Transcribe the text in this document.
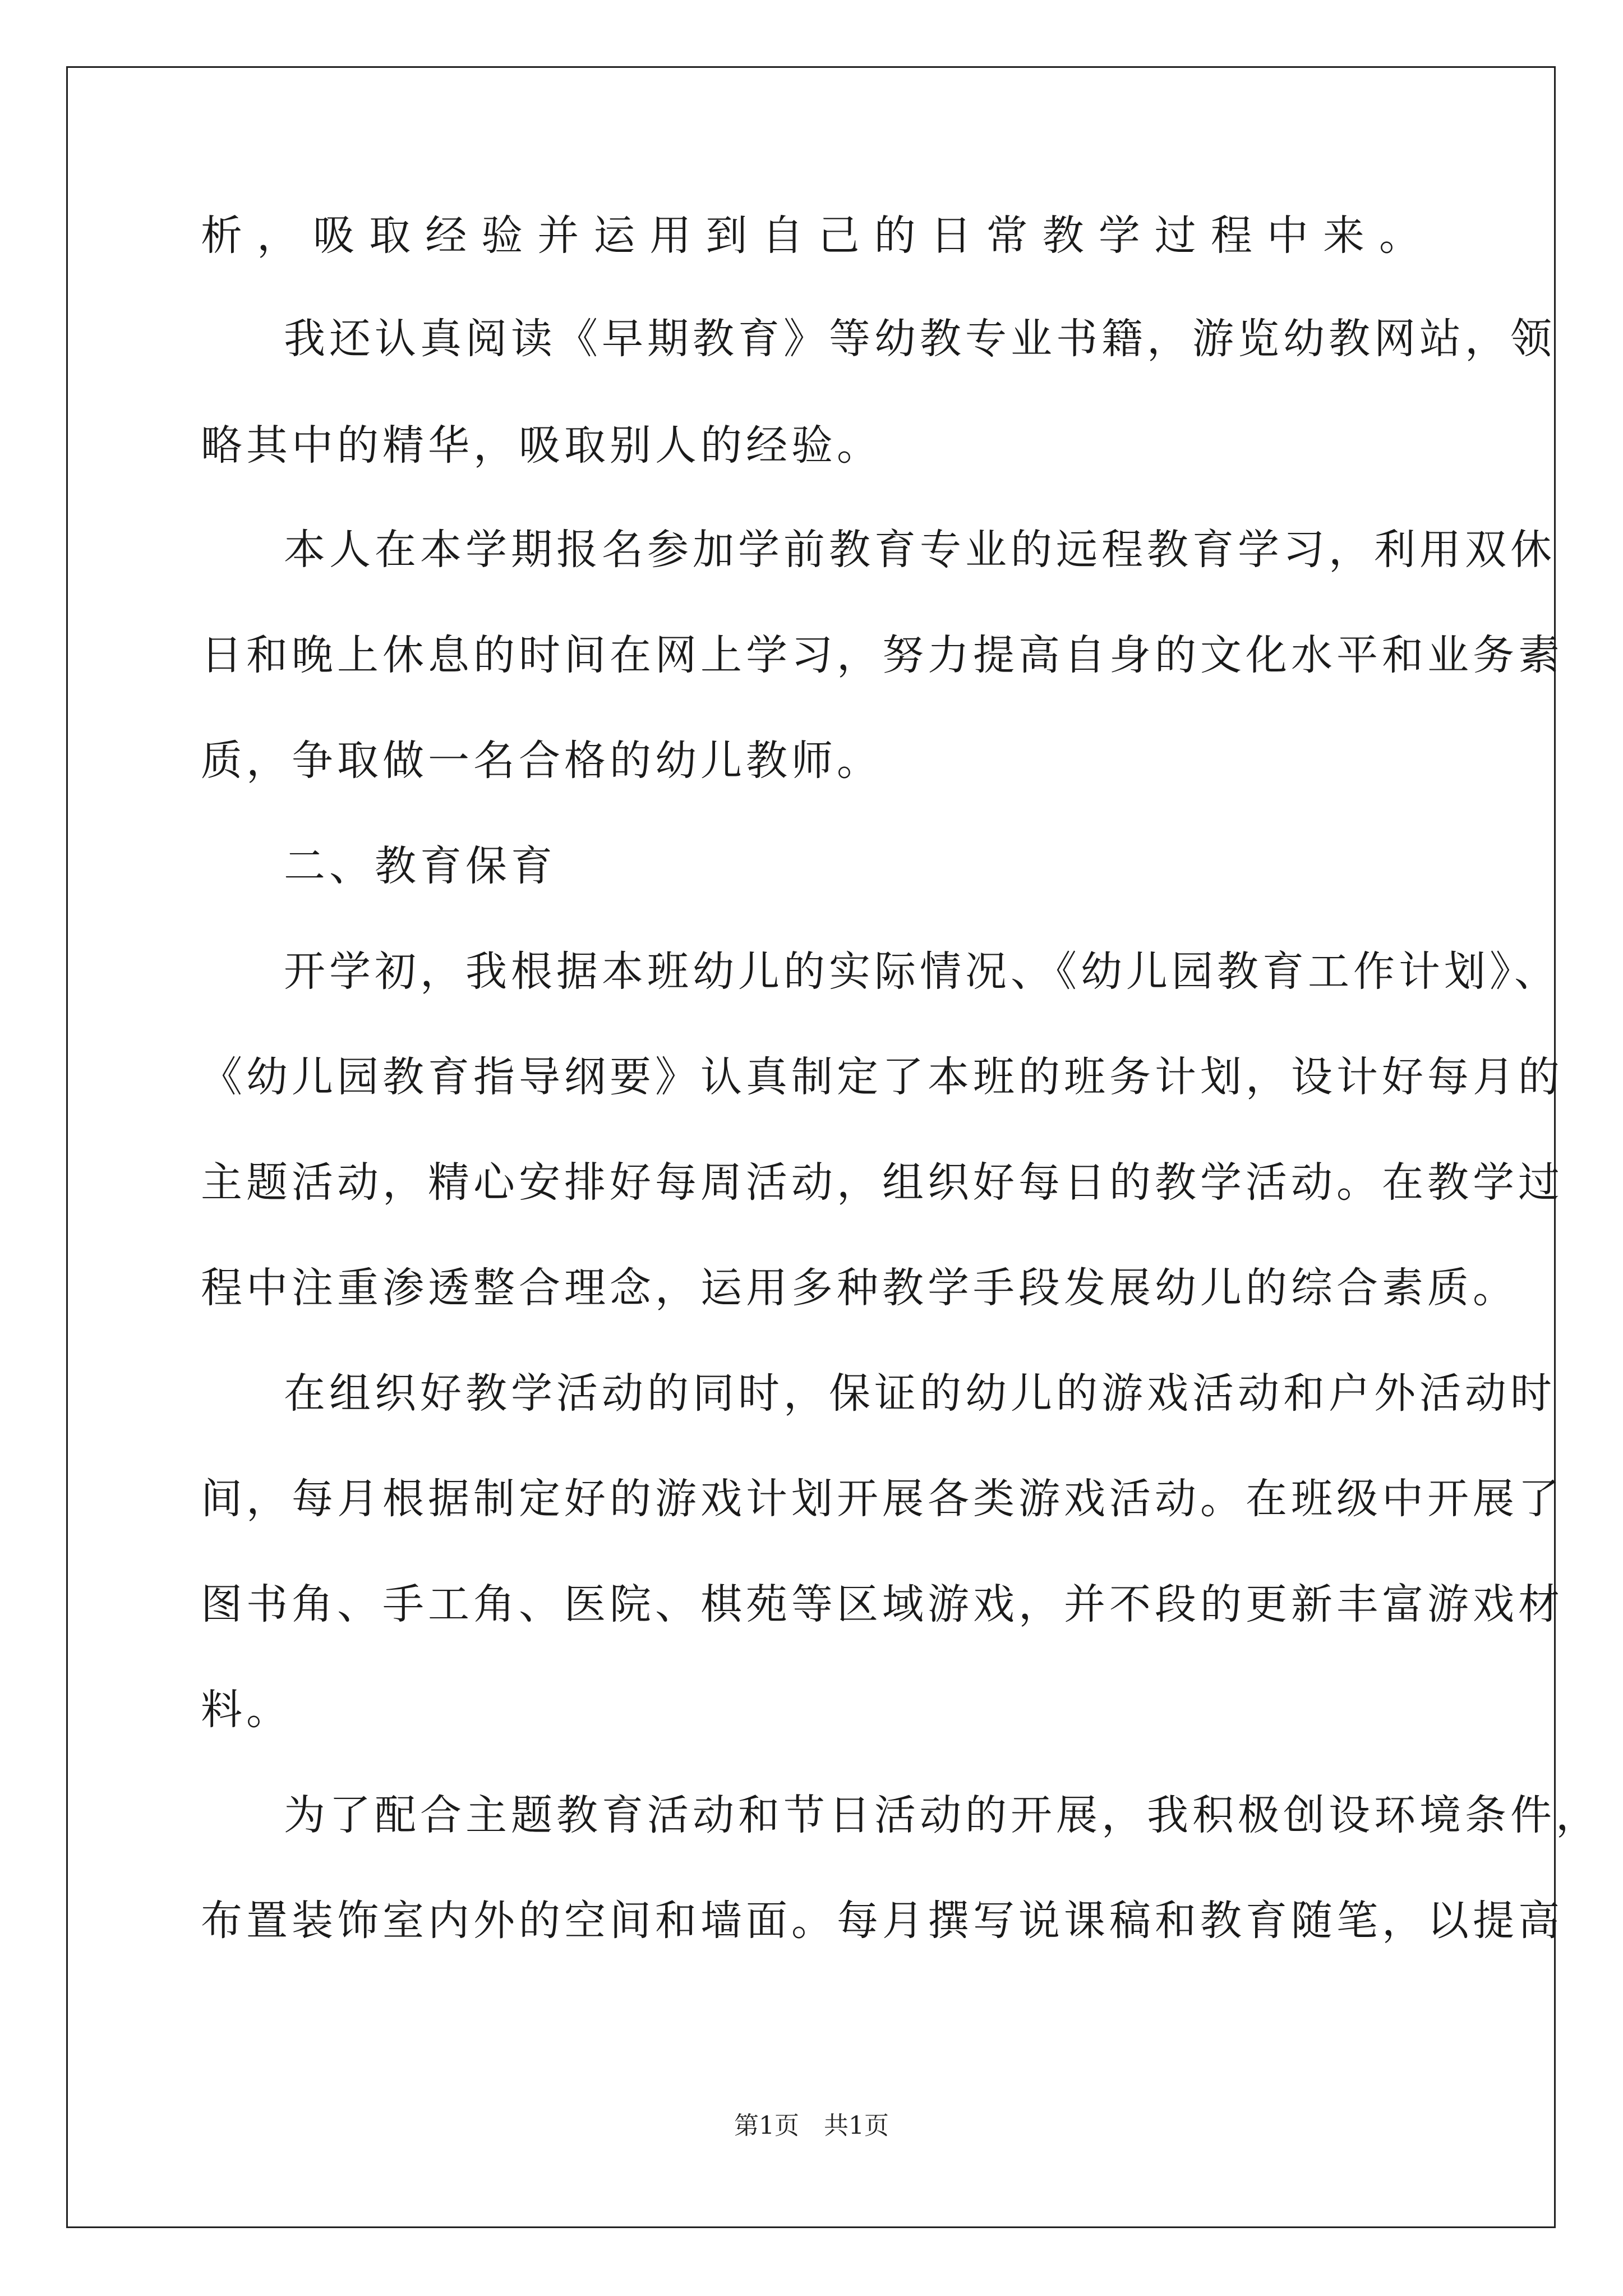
析，吸取经验并运用到自己的日常教学过程中来。
我还认真阅读《早期教育》等幼教专业书籍，游览幼教网站，领
略其中的精华，吸取别人的经验。
本人在本学期报名参加学前教育专业的远程教育学习，利用双休
日和晚上休息的时间在网上学习，努力提高自身的文化水平和业务素
质，争取做一名合格的幼儿教师。
二、教育保育
开学初，我根据本班幼儿的实际情况、《幼儿园教育工作计划》、
《幼儿园教育指导纲要》认真制定了本班的班务计划，设计好每月的
主题活动，精心安排好每周活动，组织好每日的教学活动。在教学过
程中注重渗透整合理念，运用多种教学手段发展幼儿的综合素质。
在组织好教学活动的同时，保证的幼儿的游戏活动和户外活动时
间，每月根据制定好的游戏计划开展各类游戏活动。在班级中开展了
图书角、手工角、医院、棋苑等区域游戏，并不段的更新丰富游戏材
料。
为了配合主题教育活动和节日活动的开展，我积极创设环境条件，
布置装饰室内外的空间和墙面。每月撰写说课稿和教育随笔，以提高
第1页　共1页
